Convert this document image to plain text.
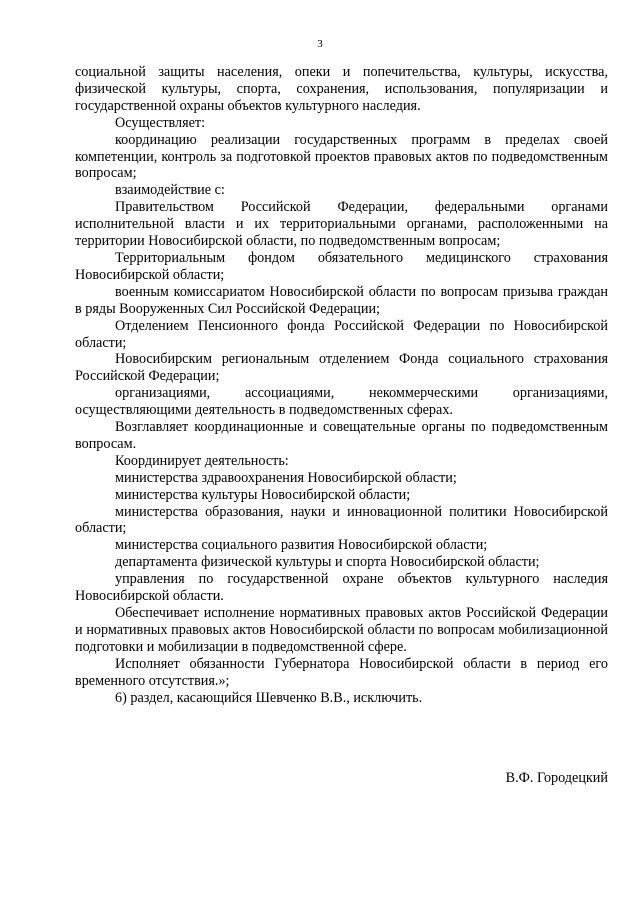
3

социальной защиты населения, опеки и попечительства, культуры, искусства, физической культуры, спорта, сохранения, использования, популяризации и государственной охраны объектов культурного наследия.

Осуществляет:

координацию реализации государственных программ в пределах своей компетенции, контроль за подготовкой проектов правовых актов по подведомственным вопросам;

взаимодействие с:

Правительством Российской Федерации, федеральными органами исполнительной власти и их территориальными органами, расположенными на территории Новосибирской области, по подведомственным вопросам;

Территориальным фондом обязательного медицинского страхования Новосибирской области;

военным комиссариатом Новосибирской области по вопросам призыва граждан в ряды Вооруженных Сил Российской Федерации;

Отделением Пенсионного фонда Российской Федерации по Новосибирской области;

Новосибирским региональным отделением Фонда социального страхования Российской Федерации;

организациями, ассоциациями, некоммерческими организациями, осуществляющими деятельность в подведомственных сферах.

Возглавляет координационные и совещательные органы по подведомственным вопросам.

Координирует деятельность:

министерства здравоохранения Новосибирской области;

министерства культуры Новосибирской области;

министерства образования, науки и инновационной политики Новосибирской области;

министерства социального развития Новосибирской области;

департамента физической культуры и спорта Новосибирской области;

управления по государственной охране объектов культурного наследия Новосибирской области.

Обеспечивает исполнение нормативных правовых актов Российской Федерации и нормативных правовых актов Новосибирской области по вопросам мобилизационной подготовки и мобилизации в подведомственной сфере.

Исполняет обязанности Губернатора Новосибирской области в период его временного отсутствия.»;

6) раздел, касающийся Шевченко В.В., исключить.

В.Ф. Городецкий
